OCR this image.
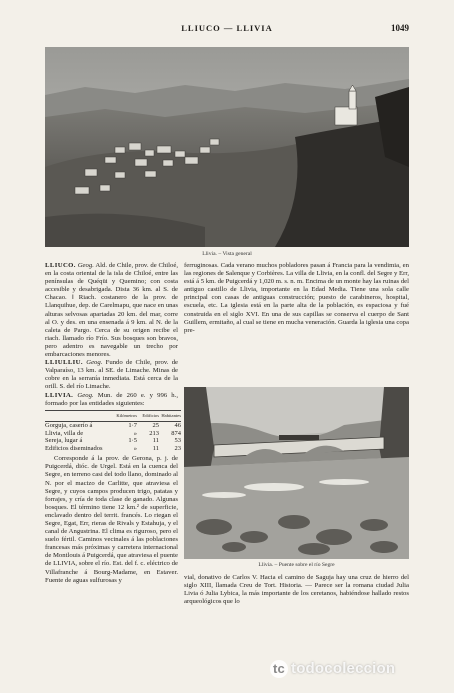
LLIUCO — LLIVIA	1049
Llivia. – Vista general

LLIUCO. Geog. Ald. de Chile, prov. de Chiloé, en la costa oriental de la isla de Chiloé, entre las penínsulas de Quéqüi y Quemino; con costa accesible y desabrigada. Dista 36 km. al S. de Chacao. ‖ Riach. costanero de la prov. de Llanquihue, dep. de Carelmapu, que nace en unas alturas selvosas apartadas 20 km. del mar, corre al O. y des. en una ensenada á 9 km. al N. de la caleta de Pargo. Cerca de su origen recibe el riach. llamado río Frío. Sus bosques son bravos, pero adentro es navegable un trecho por embarcaciones menores.

LLIULLIU. Geog. Fundo de Chile, prov. de Valparaíso, 13 km. al SE. de Limache. Minas de cobre en la serranía inmediata. Está cerca de la orill. S. del río Limache.

LLIVIA. Geog. Mun. de 260 e. y 996 h., formado por las entidades siguientes:

	Kilómetros	Edificios	Habitantes
Gorguja, caserío á	1·7	25	46
Llivia, villa de	»	213	874
Sereja, lugar á	1·5	11	53
Edificios diseminados	»	11	23

Corresponde á la prov. de Gerona, p. j. de Puigcerdá, dióc. de Urgel. Está en la cuenca del Segre, en terreno casi del todo llano, dominado al N. por el macizo de Carlitte, que atraviesa el Segre, y cuyos campos producen trigo, patatas y forrajes, y cría de toda clase de ganado. Algunas bosques. El término tiene 12 km.² de superficie, enclavado dentro del territ. francés. Lo riegan el Segre, Egat, Err, rieras de Rivals y Estahuja, y el canal de Angustrina. El clima es riguroso, pero el suelo fértil. Caminos vecinales á las poblaciones francesas más próximas y carretera internacional de Montlouis á Puigcerdá, que atraviesa el puente de LLIVIA, sobre el río. Est. del f. c. eléctrico de Villafranche á Bourg-Madame, en Estaver. Fuente de aguas sulfurosas y

ferruginosas. Cada verano muchos pobladores pasan á Francia para la vendimia, en las regiones de Salenque y Corbières. La villa de Llivia, en la confl. del Segre y Err, está á 5 km. de Puigcerdá y 1,020 m. s. n. m. Encima de un monte hay las ruinas del antiguo castillo de Llivia, importante en la Edad Media. Tiene una sola calle principal con casas de antiguas construcción; puesto de carabineros, hospital, escuela, etc. La iglesia está en la parte alta de la población, es espaciosa y fué construida en el siglo XVI. En una de sus capillas se conserva el cuerpo de Sant Guillem, ermitaño, al cual se tiene en mucha veneración. Guarda la iglesia una copa pre-

Llivia. – Puente sobre el río Segre

vial, donativo de Carlos V. Hacia el camino de Saguja hay una cruz de hierro del siglo XIII, llamada Creu de Tort. Historia. — Parece ser la romana ciudad Julia Livia ó Julia Lybica, la más importante de los ceretanos, habiéndose hallado restos arqueológicos que lo

tc todocoleccion
